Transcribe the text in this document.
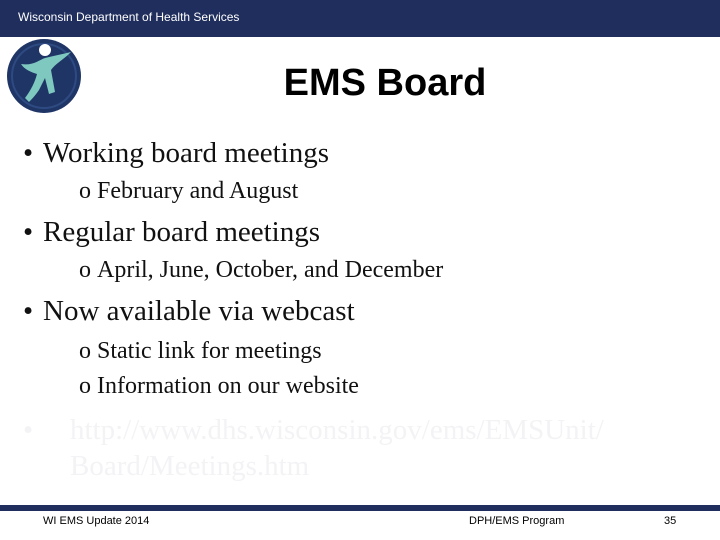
Wisconsin Department of Health Services
EMS Board
• Working board meetings
o February and August
• Regular board meetings
o April, June, October, and December
• Now available via webcast
o Static link for meetings
o Information on our website
•	http://www.dhs.wisconsin.gov/ems/EMSUnit/
Board/Meetings.htm
WI EMS Update 2014	DPH/EMS Program	35
